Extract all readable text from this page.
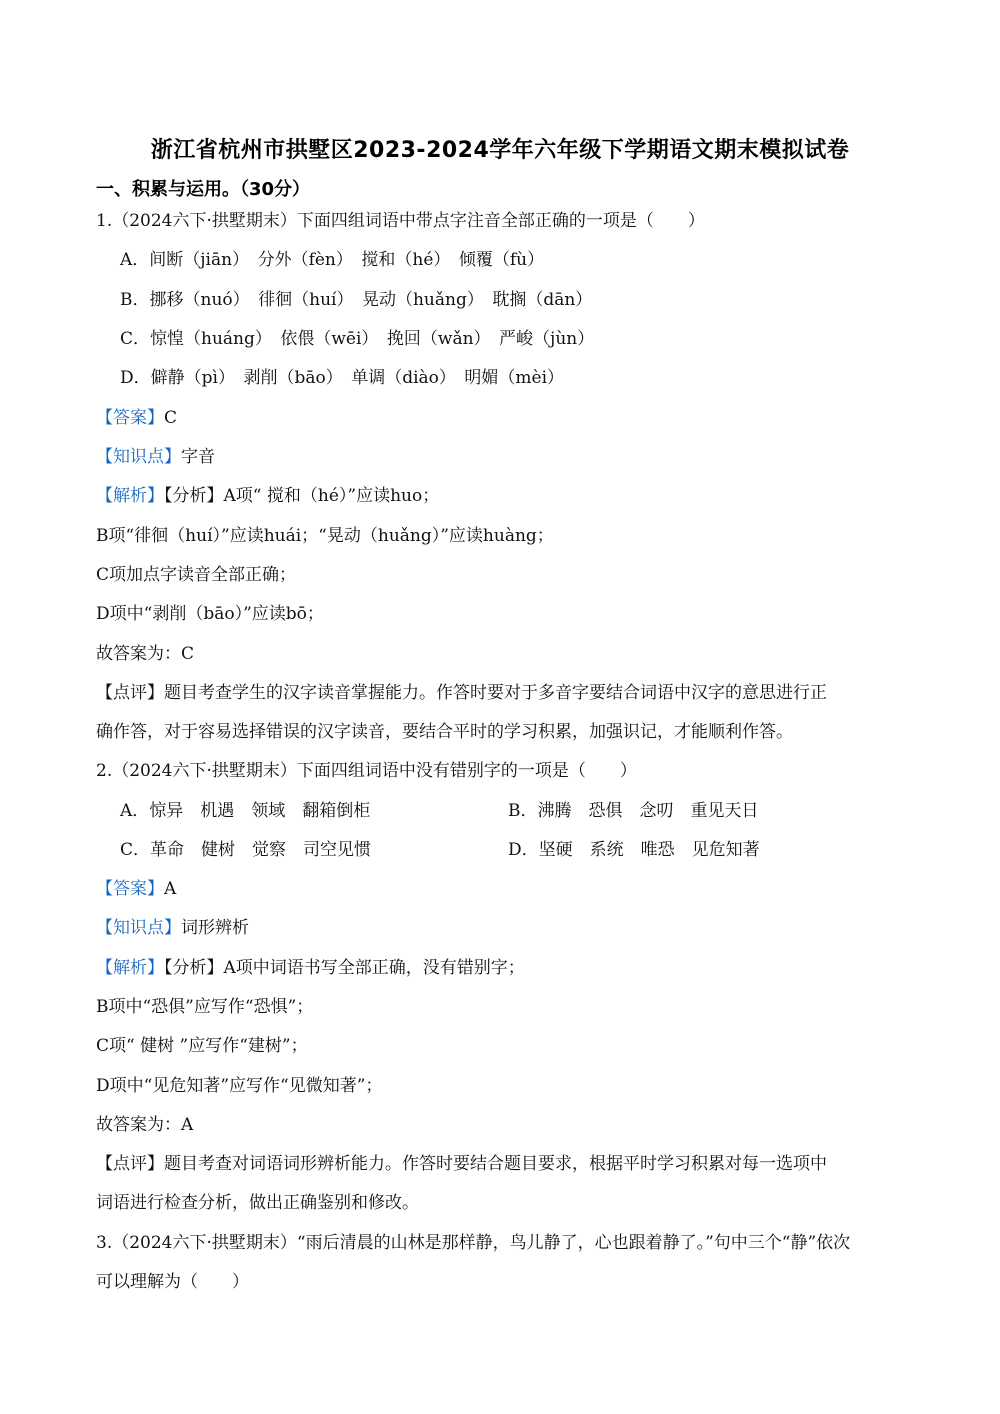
浙江省杭州市拱墅区2023-2024学年六年级下学期语文期末模拟试卷
一、积累与运用。（30分）
1.（2024六下·拱墅期末）下面四组词语中带点字注音全部正确的一项是（　　）
A．间断（jiān）　分外（fèn）　搅和（hé）　倾覆（fù）
B．挪移（nuó）　徘徊（huí）　晃动（huǎng）　耽搁（dān）
C．惊惶（huáng）　依偎（wēi）　挽回（wǎn）　严峻（jùn）
D．僻静（pì）　剥削（bāo）　单调（diào）　明媚（mèi）
【答案】C
【知识点】字音
【解析】【分析】A项“ 搅和（hé）”应读huo；
B项“徘徊（huí）”应读huái；“晃动（huǎng）”应读huàng；
C项加点字读音全部正确；
D项中“剥削（bāo）”应读bō；
故答案为：C
【点评】题目考查学生的汉字读音掌握能力。作答时要对于多音字要结合词语中汉字的意思进行正
确作答，对于容易选择错误的汉字读音，要结合平时的学习积累，加强识记，才能顺利作答。
2.（2024六下·拱墅期末）下面四组词语中没有错别字的一项是（　　）
A．惊异　机遇　领域　翻箱倒柜	B．沸腾　恐俱　念叨　重见天日
C．革命　健树　觉察　司空见惯	D．坚硬　系统　唯恐　见危知著
【答案】A
【知识点】词形辨析
【解析】【分析】A项中词语书写全部正确，没有错别字；
B项中“恐俱”应写作“恐惧”；
C项“ 健树 ”应写作“建树”；
D项中“见危知著”应写作“见微知著”；
故答案为：A
【点评】题目考查对词语词形辨析能力。作答时要结合题目要求，根据平时学习积累对每一选项中
词语进行检查分析，做出正确鉴别和修改。
3.（2024六下·拱墅期末）“雨后清晨的山林是那样静，鸟儿静了，心也跟着静了。”句中三个“静”依次
可以理解为（　　）
